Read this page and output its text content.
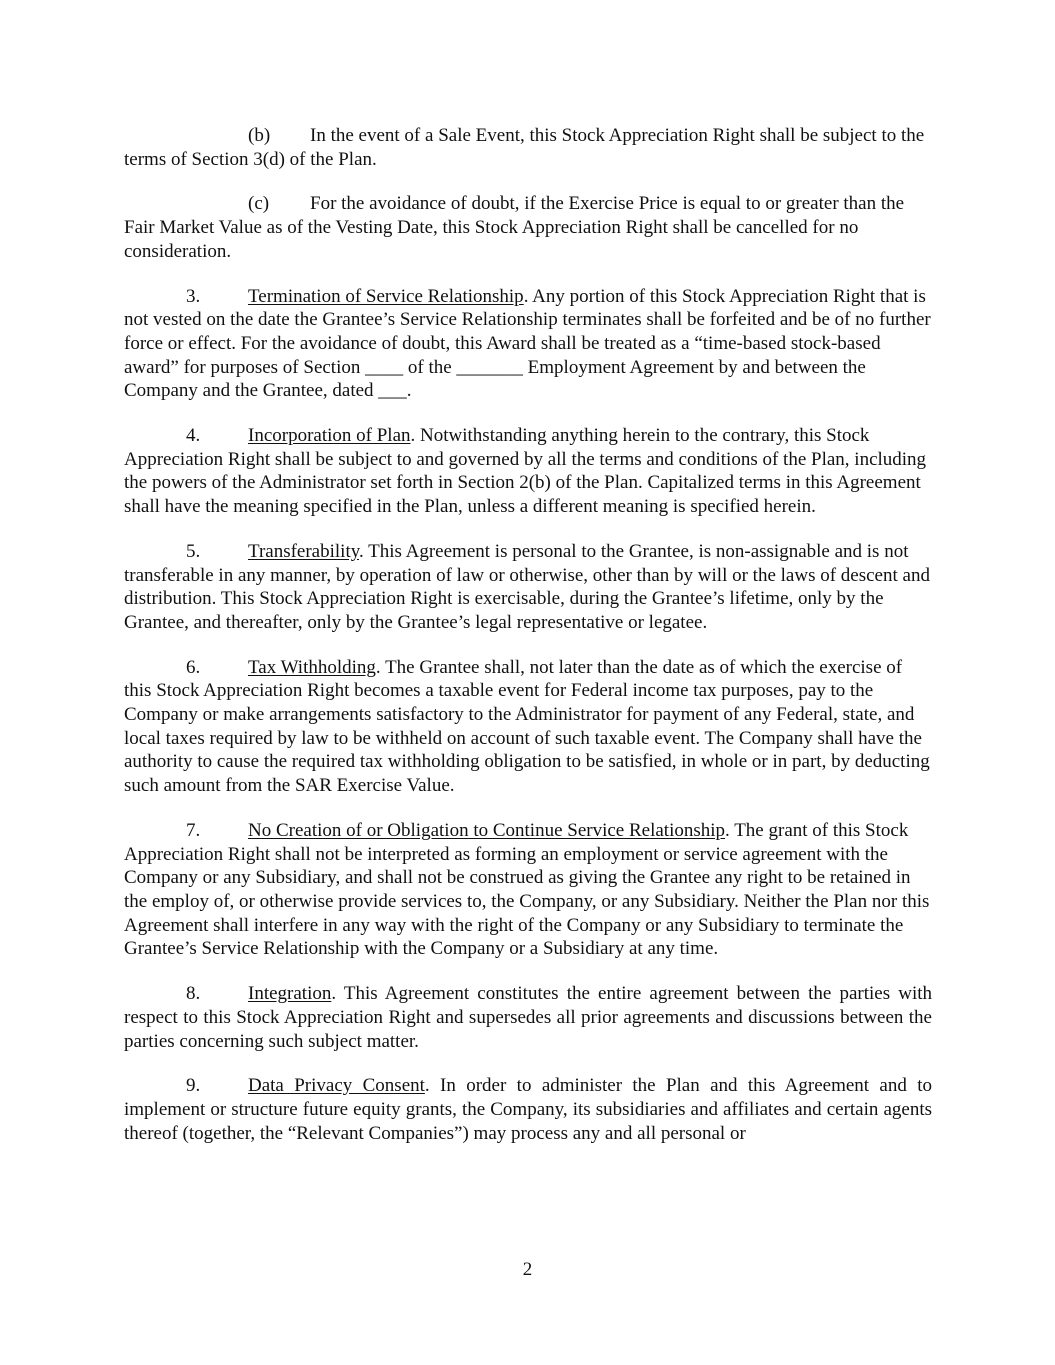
(b) In the event of a Sale Event, this Stock Appreciation Right shall be subject to the terms of Section 3(d) of the Plan.

(c) For the avoidance of doubt, if the Exercise Price is equal to or greater than the Fair Market Value as of the Vesting Date, this Stock Appreciation Right shall be cancelled for no consideration.

3.	Termination of Service Relationship. Any portion of this Stock Appreciation Right that is not vested on the date the Grantee’s Service Relationship terminates shall be forfeited and be of no further force or effect. For the avoidance of doubt, this Award shall be treated as a “time-based stock-based award” for purposes of Section ____ of the _______ Employment Agreement by and between the Company and the Grantee, dated ___.

4.	Incorporation of Plan. Notwithstanding anything herein to the contrary, this Stock Appreciation Right shall be subject to and governed by all the terms and conditions of the Plan, including the powers of the Administrator set forth in Section 2(b) of the Plan. Capitalized terms in this Agreement shall have the meaning specified in the Plan, unless a different meaning is specified herein.

5.	Transferability. This Agreement is personal to the Grantee, is non-assignable and is not transferable in any manner, by operation of law or otherwise, other than by will or the laws of descent and distribution. This Stock Appreciation Right is exercisable, during the Grantee’s lifetime, only by the Grantee, and thereafter, only by the Grantee’s legal representative or legatee.

6.	Tax Withholding. The Grantee shall, not later than the date as of which the exercise of this Stock Appreciation Right becomes a taxable event for Federal income tax purposes, pay to the Company or make arrangements satisfactory to the Administrator for payment of any Federal, state, and local taxes required by law to be withheld on account of such taxable event. The Company shall have the authority to cause the required tax withholding obligation to be satisfied, in whole or in part, by deducting such amount from the SAR Exercise Value.

7.	No Creation of or Obligation to Continue Service Relationship. The grant of this Stock Appreciation Right shall not be interpreted as forming an employment or service agreement with the Company or any Subsidiary, and shall not be construed as giving the Grantee any right to be retained in the employ of, or otherwise provide services to, the Company, or any Subsidiary. Neither the Plan nor this Agreement shall interfere in any way with the right of the Company or any Subsidiary to terminate the Grantee’s Service Relationship with the Company or a Subsidiary at any time.

8.	Integration. This Agreement constitutes the entire agreement between the parties with respect to this Stock Appreciation Right and supersedes all prior agreements and discussions between the parties concerning such subject matter.

9.	Data Privacy Consent. In order to administer the Plan and this Agreement and to implement or structure future equity grants, the Company, its subsidiaries and affiliates and certain agents thereof (together, the “Relevant Companies”) may process any and all personal or

2
